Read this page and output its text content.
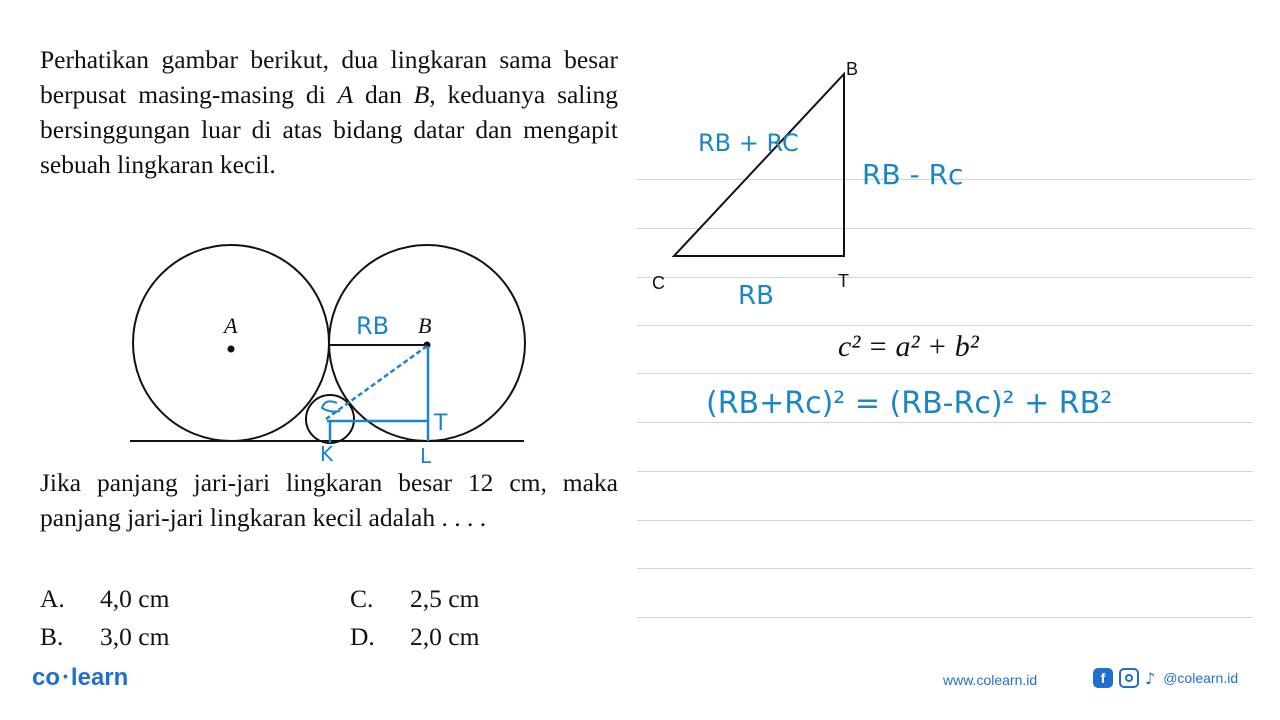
Perhatikan gambar berikut, dua lingkaran sama besar berpusat masing-masing di A dan B, keduanya saling bersinggungan luar di atas bidang datar dan mengapit sebuah lingkaran kecil.
Jika panjang jari-jari lingkaran besar 12 cm, maka panjang jari-jari lingkaran kecil adalah . . . .
A. 4,0 cm
B. 3,0 cm
C. 2,5 cm
D. 2,0 cm
A	B
RB
T
K	L
B
C	T
RB + RC
RB - Rc
RB
c² = a² + b²
(RB+Rc)² = (RB-Rc)² + RB²
co • learn	www.colearn.id	f	♪ @colearn.id
